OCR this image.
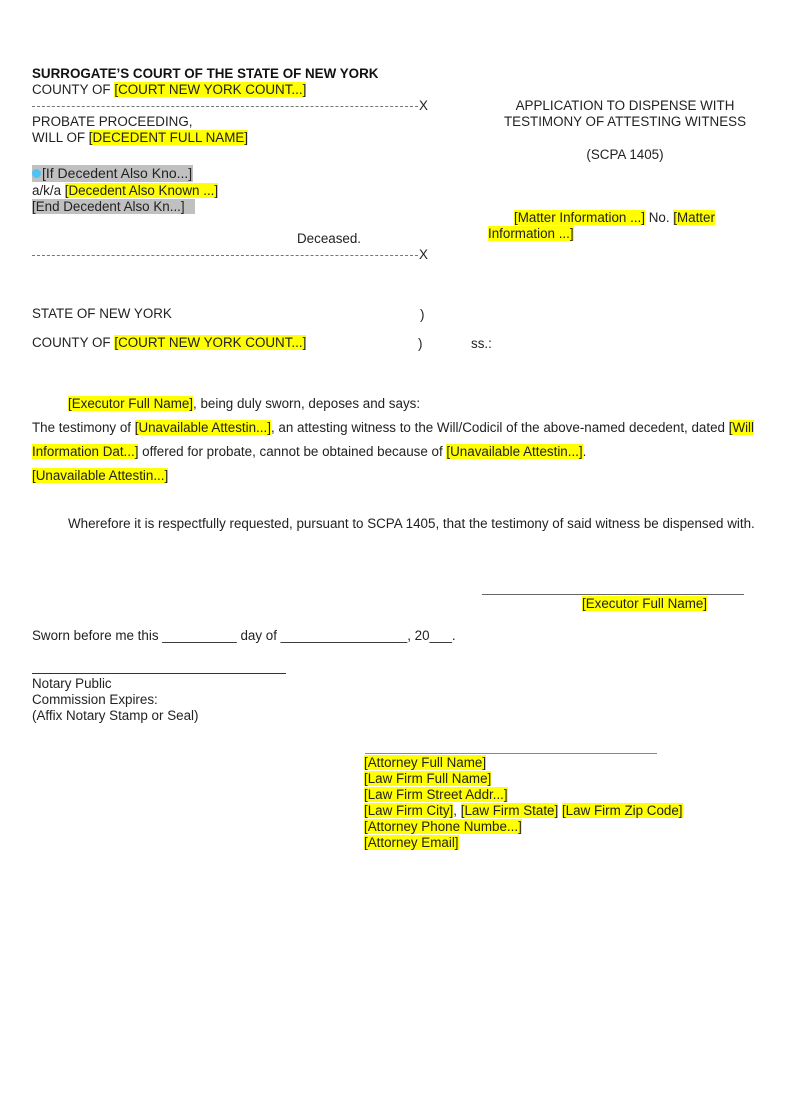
SURROGATE’S COURT OF THE STATE OF NEW YORK
COUNTY OF [COURT NEW YORK COUNT...]
X
PROBATE PROCEEDING,
WILL OF [DECEDENT FULL NAME]
[If Decedent Also Kno...]
a/k/a [Decedent Also Known ...]
[End Decedent Also Kn...]
Deceased.
X
APPLICATION TO DISPENSE WITH
TESTIMONY OF ATTESTING WITNESS
(SCPA 1405)
[Matter Information ...] No. [Matter
Information ...]
STATE OF NEW YORK	)
COUNTY OF [COURT NEW YORK COUNT...]	)	ss.:
[Executor Full Name], being duly sworn, deposes and says:
The testimony of [Unavailable Attestin...], an attesting witness to the Will/Codicil of the above-named decedent, dated [Will
Information Dat...] offered for probate, cannot be obtained because of [Unavailable Attestin...].
[Unavailable Attestin...]
Wherefore it is respectfully requested, pursuant to SCPA 1405, that the testimony of said witness be dispensed with.
[Executor Full Name]
Sworn before me this __________ day of _________________, 20___.
Notary Public
Commission Expires:
(Affix Notary Stamp or Seal)
[Attorney Full Name]
[Law Firm Full Name]
[Law Firm Street Addr...]
[Law Firm City], [Law Firm State] [Law Firm Zip Code]
[Attorney Phone Numbe...]
[Attorney Email]
